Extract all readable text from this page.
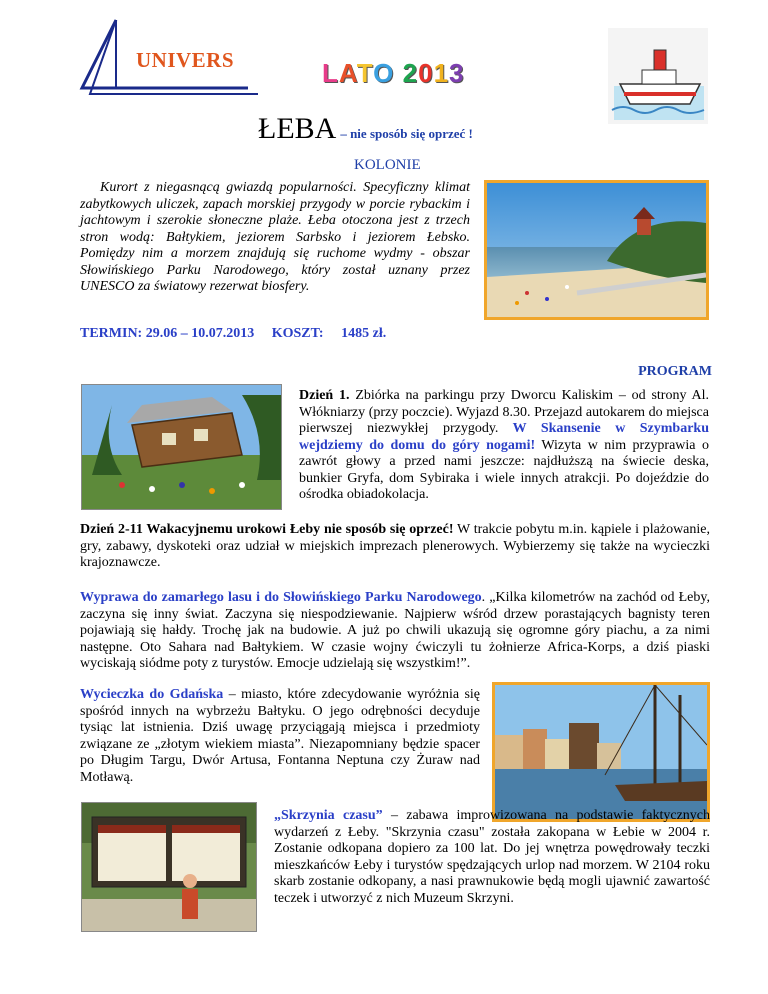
UNIVERS	LATO 2013
ŁEBA – nie sposób się oprzeć !
KOLONIE
Kurort z niegasnącą gwiazdą popularności. Specyficzny klimat zabytkowych uliczek, zapach morskiej przygody w porcie rybackim i jachtowym i szerokie słoneczne plaże. Łeba otoczona jest z trzech stron wodą: Bałtykiem, jeziorem Sarbsko i jeziorem Łebsko. Pomiędzy nim a morzem znajdują się ruchome wydmy - obszar Słowińskiego Parku Narodowego, który został uznany przez UNESCO za światowy rezerwat biosfery.
TERMIN: 29.06 – 10.07.2013 KOSZT: 1485 zł.
PROGRAM
Dzień 1. Zbiórka na parkingu przy Dworcu Kaliskim – od strony Al. Włókniarzy (przy poczcie). Wyjazd 8.30. Przejazd autokarem do miejsca pierwszej niezwykłej przygody. W Skansenie w Szymbarku wejdziemy do domu do góry nogami! Wizyta w nim przyprawia o zawrót głowy a przed nami jeszcze: najdłuższą na świecie deska, bunkier Gryfa, dom Sybiraka i wiele innych atrakcji. Po dojeździe do ośrodka obiadokolacja.
Dzień 2-11 Wakacyjnemu urokowi Łeby nie sposób się oprzeć! W trakcie pobytu m.in. kąpiele i plażowanie, gry, zabawy, dyskoteki oraz udział w miejskich imprezach plenerowych. Wybierzemy się także na wycieczki krajoznawcze.
Wyprawa do zamarłego lasu i do Słowińskiego Parku Narodowego. „Kilka kilometrów na zachód od Łeby, zaczyna się inny świat. Zaczyna się niespodziewanie. Najpierw wśród drzew porastających bagnisty teren pojawiają się hałdy. Trochę jak na budowie. A już po chwili ukazują się ogromne góry piachu, a za nimi następne. Oto Sahara nad Bałtykiem. W czasie wojny ćwiczyli tu żołnierze Africa-Korps, a dziś piaski wyciskają siódme poty z turystów. Emocje udzielają się wszystkim!”.
Wycieczka do Gdańska – miasto, które zdecydowanie wyróżnia się spośród innych na wybrzeżu Bałtyku. O jego odrębności decyduje tysiąc lat istnienia. Dziś uwagę przyciągają miejsca i przedmioty związane ze „złotym wiekiem miasta”. Niezapomniany będzie spacer po Długim Targu, Dwór Artusa, Fontanna Neptuna czy Żuraw nad Motławą.
„Skrzynia czasu” – zabawa improwizowana na podstawie faktycznych wydarzeń z Łeby. "Skrzynia czasu" została zakopana w Łebie w 2004 r. Zostanie odkopana dopiero za 100 lat. Do jej wnętrza powędrowały teczki mieszkańców Łeby i turystów spędzających urlop nad morzem. W 2104 roku skarb zostanie odkopany, a nasi prawnukowie będą mogli ujawnić zawartość teczek i utworzyć z nich Muzeum Skrzyni.
